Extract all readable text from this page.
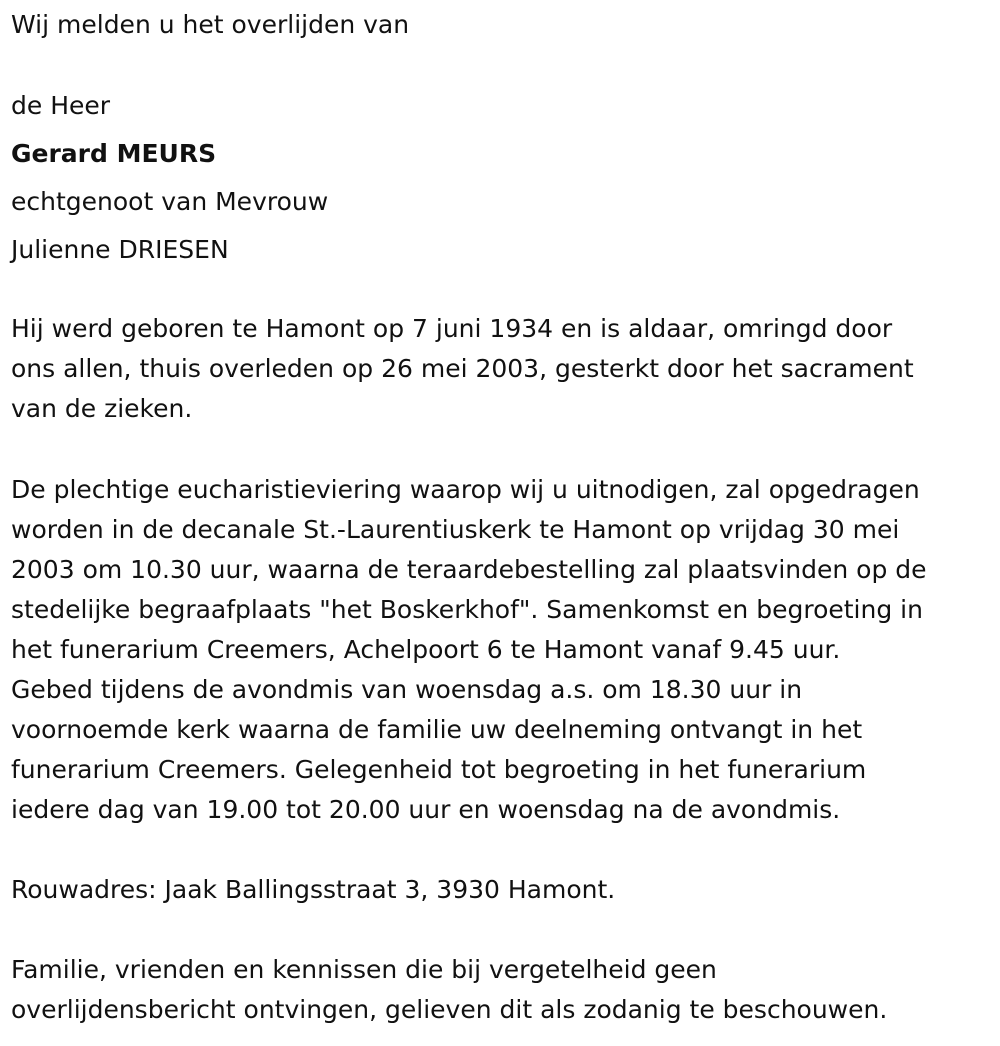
Wij melden u het overlijden van

de Heer

Gerard MEURS

echtgenoot van Mevrouw

Julienne DRIESEN

Hij werd geboren te Hamont op 7 juni 1934 en is aldaar, omringd door
ons allen, thuis overleden op 26 mei 2003, gesterkt door het sacrament
van de zieken.
De plechtige eucharistieviering waarop wij u uitnodigen, zal opgedragen
worden in de decanale St.-Laurentiuskerk te Hamont op vrijdag 30 mei
2003 om 10.30 uur, waarna de teraardebestelling zal plaatsvinden op de
stedelijke begraafplaats "het Boskerkhof". Samenkomst en begroeting in
het funerarium Creemers, Achelpoort 6 te Hamont vanaf 9.45 uur.
Gebed tijdens de avondmis van woensdag a.s. om 18.30 uur in
voornoemde kerk waarna de familie uw deelneming ontvangt in het
funerarium Creemers. Gelegenheid tot begroeting in het funerarium
iedere dag van 19.00 tot 20.00 uur en woensdag na de avondmis.
Rouwadres: Jaak Ballingsstraat 3, 3930 Hamont.
Familie, vrienden en kennissen die bij vergetelheid geen
overlijdensbericht ontvingen, gelieven dit als zodanig te beschouwen.
